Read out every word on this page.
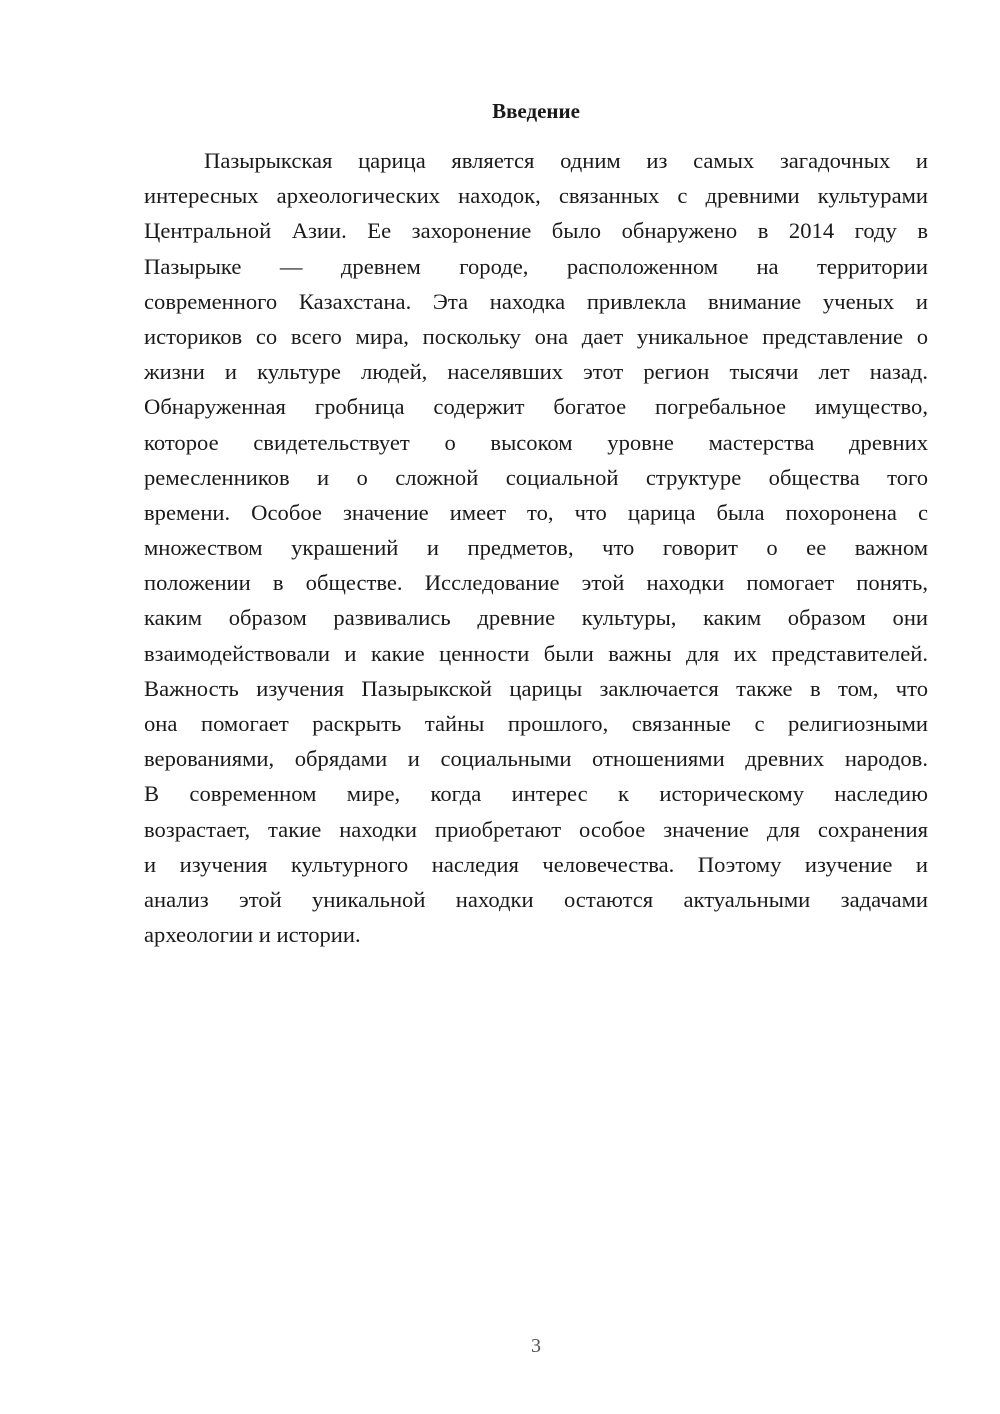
Введение
Пазырыкская царица является одним из самых загадочных и
интересных археологических находок, связанных с древними культурами
Центральной Азии. Ее захоронение было обнаружено в 2014 году в
Пазырыке — древнем городе, расположенном на территории
современного Казахстана. Эта находка привлекла внимание ученых и
историков со всего мира, поскольку она дает уникальное представление о
жизни и культуре людей, населявших этот регион тысячи лет назад.
Обнаруженная гробница содержит богатое погребальное имущество,
которое свидетельствует о высоком уровне мастерства древних
ремесленников и о сложной социальной структуре общества того
времени. Особое значение имеет то, что царица была похоронена с
множеством украшений и предметов, что говорит о ее важном
положении в обществе. Исследование этой находки помогает понять,
каким образом развивались древние культуры, каким образом они
взаимодействовали и какие ценности были важны для их представителей.
Важность изучения Пазырыкской царицы заключается также в том, что
она помогает раскрыть тайны прошлого, связанные с религиозными
верованиями, обрядами и социальными отношениями древних народов.
В современном мире, когда интерес к историческому наследию
возрастает, такие находки приобретают особое значение для сохранения
и изучения культурного наследия человечества. Поэтому изучение и
анализ этой уникальной находки остаются актуальными задачами
археологии и истории.
3
